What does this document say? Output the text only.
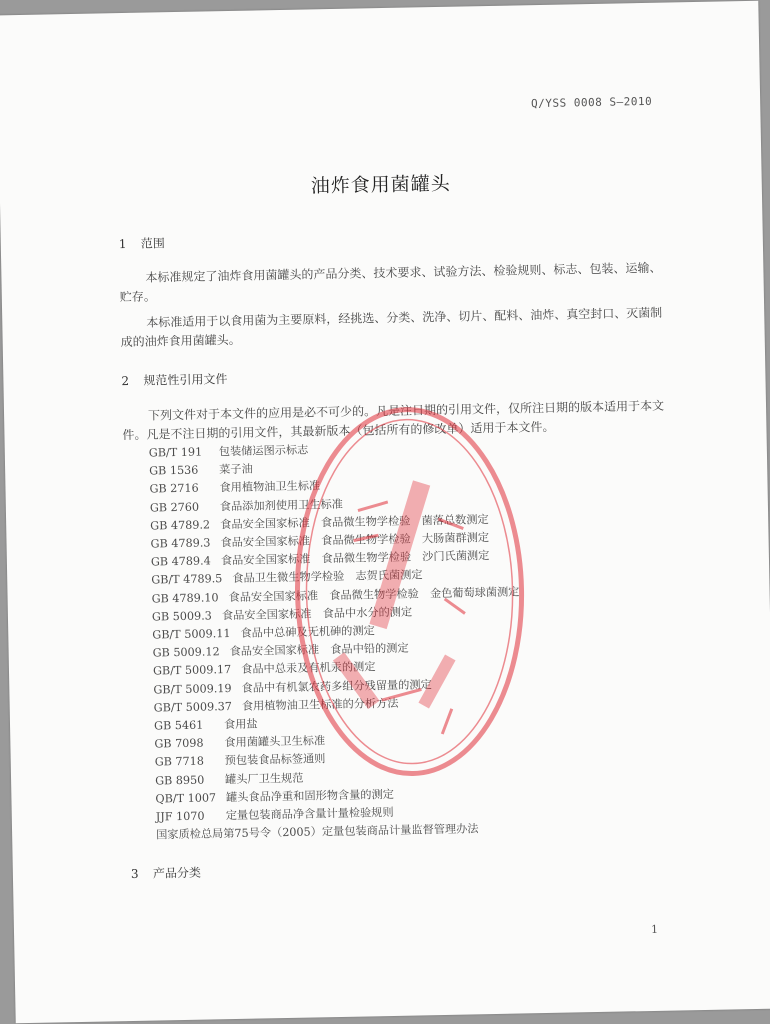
Q/YSS 0008 S—2010
油炸食用菌罐头
1 范围
本标准规定了油炸食用菌罐头的产品分类、技术要求、试验方法、检验规则、标志、包装、运输、贮存。
本标准适用于以食用菌为主要原料，经挑选、分类、洗净、切片、配料、油炸、真空封口、灭菌制成的油炸食用菌罐头。
2 规范性引用文件
下列文件对于本文件的应用是必不可少的。凡是注日期的引用文件，仅所注日期的版本适用于本文件。凡是不注日期的引用文件，其最新版本（包括所有的修改单）适用于本文件。
GB/T 191 包装储运图示标志
GB 1536 菜子油
GB 2716 食用植物油卫生标准
GB 2760 食品添加剂使用卫生标准
GB 4789.2 食品安全国家标准　食品微生物学检验　菌落总数测定
GB 4789.3 食品安全国家标准　食品微生物学检验　大肠菌群测定
GB 4789.4 食品安全国家标准　食品微生物学检验　沙门氏菌测定
GB/T 4789.5 食品卫生微生物学检验　志贺氏菌测定
GB 4789.10 食品安全国家标准　食品微生物学检验　金色葡萄球菌测定
GB 5009.3 食品安全国家标准　食品中水分的测定
GB/T 5009.11 食品中总砷及无机砷的测定
GB 5009.12 食品安全国家标准　食品中铅的测定
GB/T 5009.17 食品中总汞及有机汞的测定
GB/T 5009.19 食品中有机氯农药多组分残留量的测定
GB/T 5009.37 食用植物油卫生标准的分析方法
GB 5461 食用盐
GB 7098 食用菌罐头卫生标准
GB 7718 预包装食品标签通则
GB 8950 罐头厂卫生规范
QB/T 1007 罐头食品净重和固形物含量的测定
JJF 1070 定量包装商品净含量计量检验规则
国家质检总局第75号令（2005）定量包装商品计量监督管理办法
3 产品分类
1
